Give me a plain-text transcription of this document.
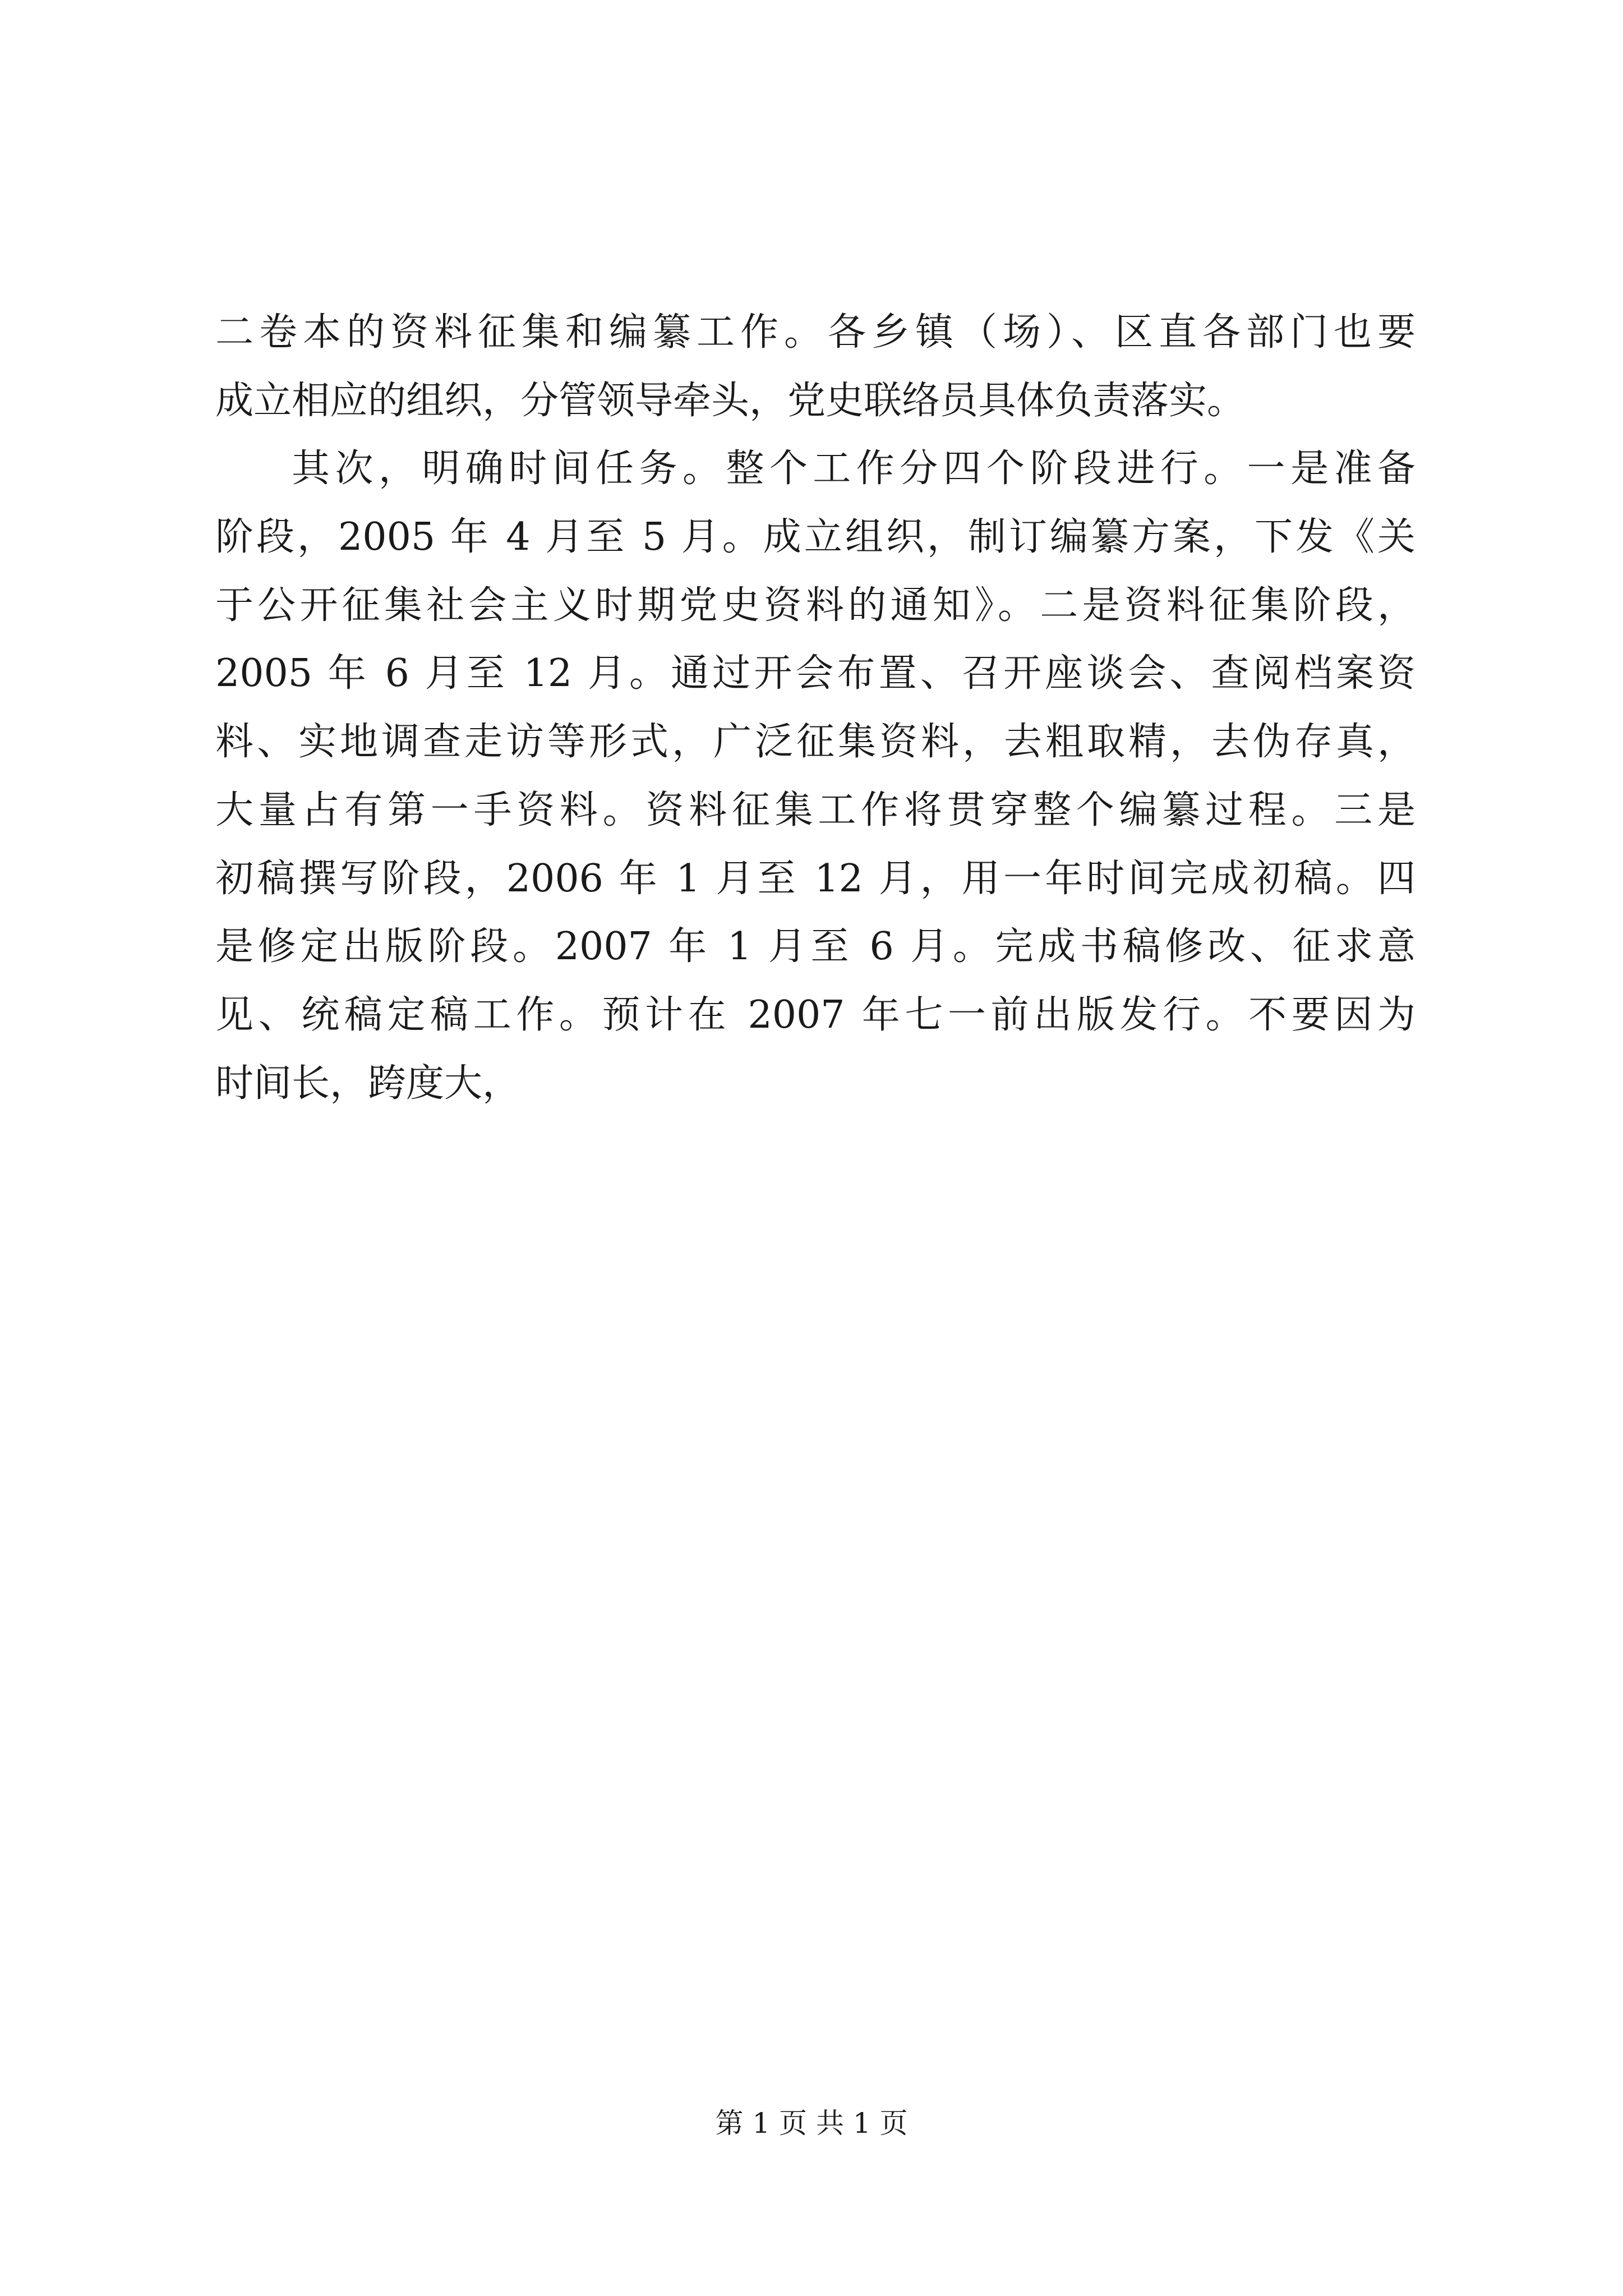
二卷本的资料征集和编纂工作。各乡镇（场）、区直各部门也要
成立相应的组织，分管领导牵头，党史联络员具体负责落实。
其次，明确时间任务。整个工作分四个阶段进行。一是准备
阶段，2005 年 4 月至 5 月。成立组织，制订编纂方案，下发《关
于公开征集社会主义时期党史资料的通知》。二是资料征集阶段，
2005 年 6 月至 12 月。通过开会布置、召开座谈会、查阅档案资
料、实地调查走访等形式，广泛征集资料，去粗取精，去伪存真，
大量占有第一手资料。资料征集工作将贯穿整个编纂过程。三是
初稿撰写阶段，2006 年 1 月至 12 月，用一年时间完成初稿。四
是修定出版阶段。2007 年 1 月至 6 月。完成书稿修改、征求意
见、统稿定稿工作。预计在 2007 年七一前出版发行。不要因为
时间长，跨度大，
第 1 页 共 1 页
